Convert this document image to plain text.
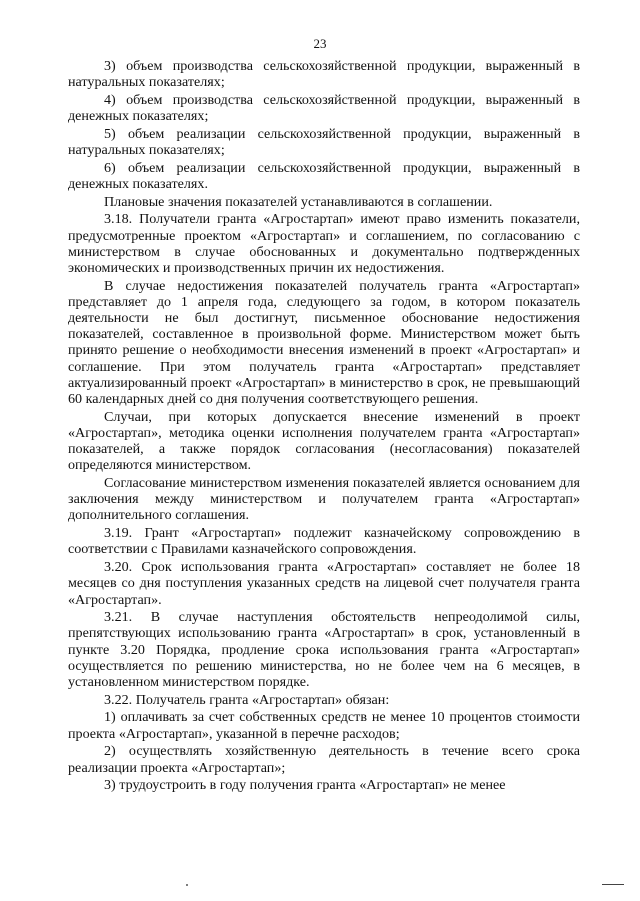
23

3) объем производства сельскохозяйственной продукции, выраженный в натуральных показателях;

4) объем производства сельскохозяйственной продукции, выраженный в денежных показателях;

5) объем реализации сельскохозяйственной продукции, выраженный в натуральных показателях;

6) объем реализации сельскохозяйственной продукции, выраженный в денежных показателях.

Плановые значения показателей устанавливаются в соглашении.

3.18. Получатели гранта «Агростартап» имеют право изменить показатели, предусмотренные проектом «Агростартап» и соглашением, по согласованию с министерством в случае обоснованных и документально подтвержденных экономических и производственных причин их недостижения.

В случае недостижения показателей получатель гранта «Агростартап» представляет до 1 апреля года, следующего за годом, в котором показатель деятельности не был достигнут, письменное обоснование недостижения показателей, составленное в произвольной форме. Министерством может быть принято решение о необходимости внесения изменений в проект «Агростартап» и соглашение. При этом получатель гранта «Агростартап» представляет актуализированный проект «Агростартап» в министерство в срок, не превышающий 60 календарных дней со дня получения соответствующего решения.

Случаи, при которых допускается внесение изменений в проект «Агростартап», методика оценки исполнения получателем гранта «Агростартап» показателей, а также порядок согласования (несогласования) показателей определяются министерством.

Согласование министерством изменения показателей является основанием для заключения между министерством и получателем гранта «Агростартап» дополнительного соглашения.

3.19. Грант «Агростартап» подлежит казначейскому сопровождению в соответствии с Правилами казначейского сопровождения.

3.20. Срок использования гранта «Агростартап» составляет не более 18 месяцев со дня поступления указанных средств на лицевой счет получателя гранта «Агростартап».

3.21. В случае наступления обстоятельств непреодолимой силы, препятствующих использованию гранта «Агростартап» в срок, установленный в пункте 3.20 Порядка, продление срока использования гранта «Агростартап» осуществляется по решению министерства, но не более чем на 6 месяцев, в установленном министерством порядке.

3.22. Получатель гранта «Агростартап» обязан:

1) оплачивать за счет собственных средств не менее 10 процентов стоимости проекта «Агростартап», указанной в перечне расходов;

2) осуществлять хозяйственную деятельность в течение всего срока реализации проекта «Агростартап»;

3) трудоустроить в году получения гранта «Агростартап» не менее
